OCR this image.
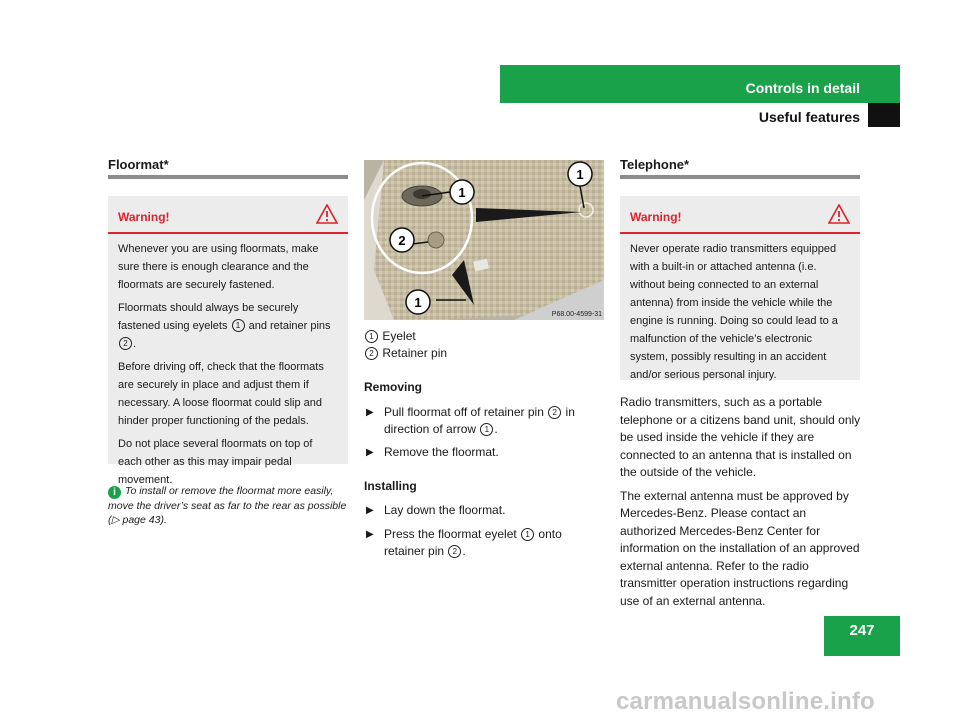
Controls in detail
Useful features
Floormat*
Warning!

Whenever you are using floormats, make sure there is enough clearance and the floormats are securely fastened.

Floormats should always be securely fastened using eyelets 1 and retainer pins 2 .

Before driving off, check that the floormats are securely in place and adjust them if necessary. A loose floormat could slip and hinder proper functioning of the pedals.

Do not place several floormats on top of each other as this may impair pedal movement.

i To install or remove the floormat more easily, move the driver’s seat as far to the rear as possible (▷ page 43).
1
2
1
1
P68.00-4599-31
1 Eyelet
2 Retainer pin
Removing

▶ Pull floormat off of retainer pin 2 in direction of arrow 1 .

▶ Remove the floormat.

Installing

▶ Lay down the floormat.

▶ Press the floormat eyelet 1 onto retainer pin 2 .

Telephone*
Warning!

Never operate radio transmitters equipped with a built-in or attached antenna (i.e. without being connected to an external antenna) from inside the vehicle while the engine is running. Doing so could lead to a malfunction of the vehicle’s electronic system, possibly resulting in an accident and/or serious personal injury.

Radio transmitters, such as a portable telephone or a citizens band unit, should only be used inside the vehicle if they are connected to an antenna that is installed on the outside of the vehicle.

The external antenna must be approved by Mercedes-Benz. Please contact an authorized Mercedes-Benz Center for information on the installation of an approved external antenna. Refer to the radio transmitter operation instructions regarding use of an external antenna.

247
carmanualsonline.info
